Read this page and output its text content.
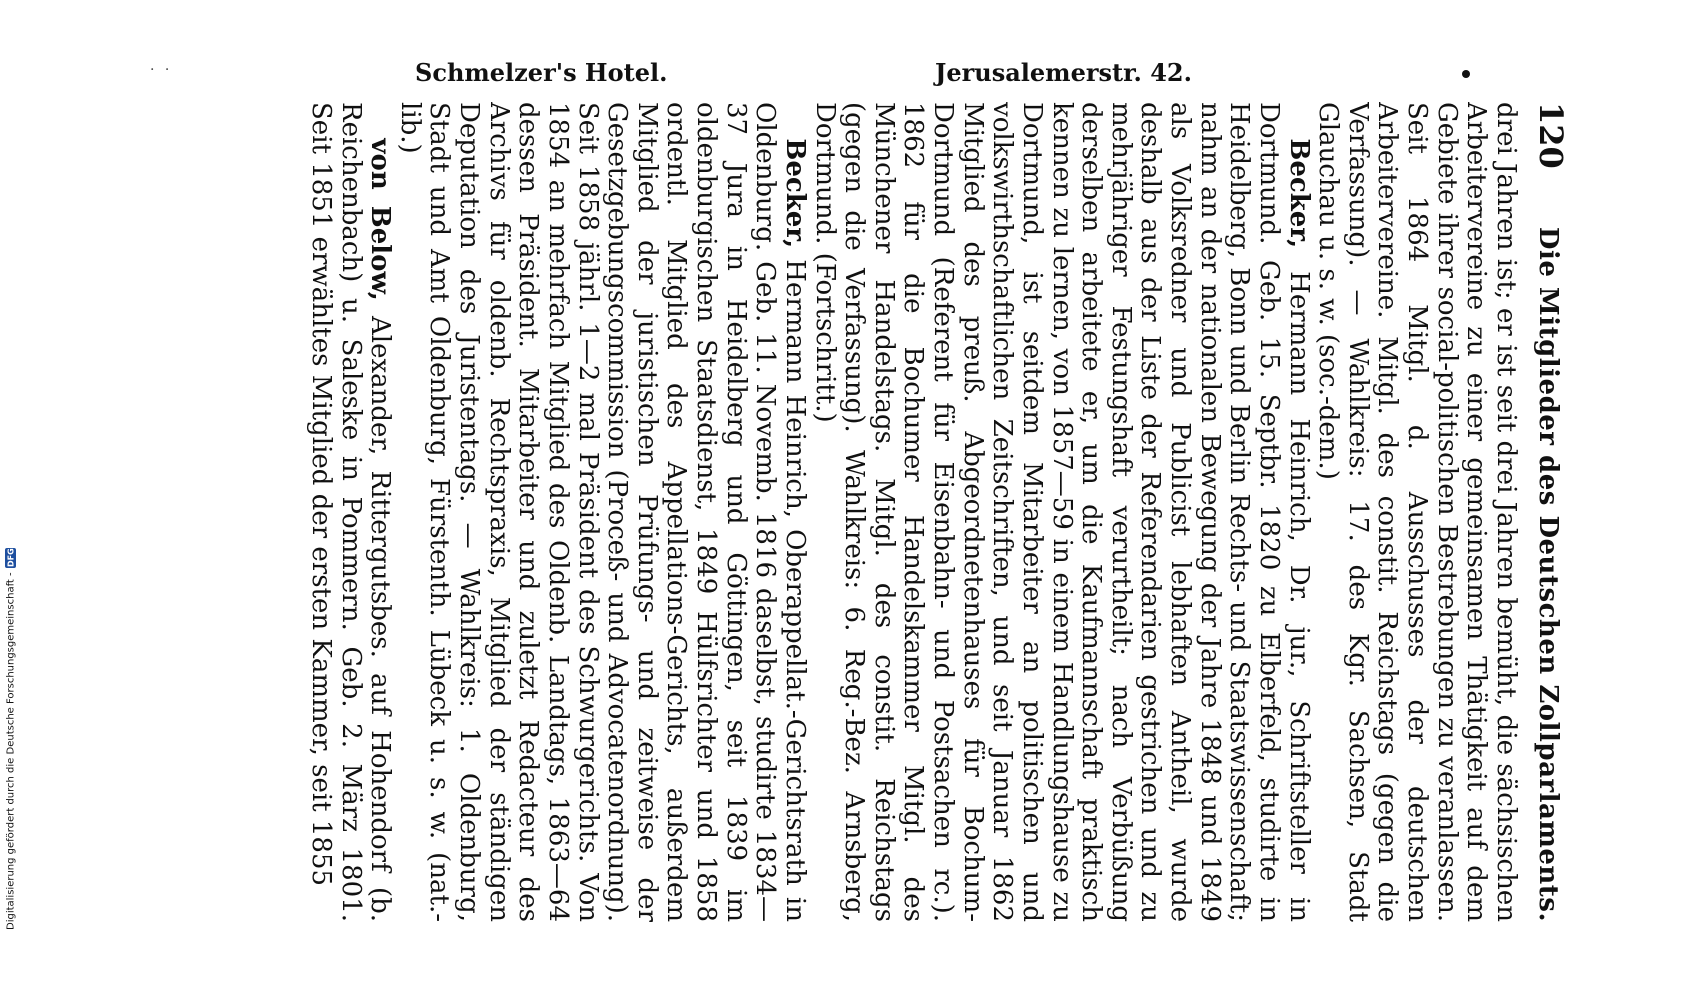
· ·	Schmelzer's Hotel.	Jerusalemerstr. 42.
120
Die Mitglieder des Deutschen Zollparlaments.

drei Jahren ist; er ist seit drei Jahren bemüht, die sächsischen Arbeitervereine zu einer gemeinsamen Thätigkeit auf dem Gebiete ihrer social-politischen Bestrebungen zu veranlassen. Seit 1864 Mitgl. d. Ausschusses der deutschen Arbeitervereine. Mitgl. des constit. Reichstags (gegen die Verfassung). — Wahlkreis: 17. des Kgr. Sachsen, Stadt Glauchau u. s. w. (soc.-dem.)

Becker, Hermann Heinrich, Dr. jur., Schriftsteller in Dortmund. Geb. 15. Septbr. 1820 zu Elberfeld, studirte in Heidelberg, Bonn und Berlin Rechts- und Staatswissenschaft; nahm an der nationalen Bewegung der Jahre 1848 und 1849 als Volksredner und Publicist lebhaften Antheil, wurde deshalb aus der Liste der Referendarien gestrichen und zu mehrjähriger Festungshaft verurtheilt; nach Verbüßung derselben arbeitete er, um die Kaufmannschaft praktisch kennen zu lernen, von 1857—59 in einem Handlungshause zu Dortmund, ist seitdem Mitarbeiter an politischen und volkswirthschaftlichen Zeitschriften, und seit Januar 1862 Mitglied des preuß. Abgeordnetenhauses für Bochum-Dortmund (Referent für Eisenbahn- und Postsachen rc.). 1862 für die Bochumer Handelskammer Mitgl. des Münchener Handelstags. Mitgl. des constit. Reichstags (gegen die Verfassung). Wahlkreis: 6. Reg.-Bez. Arnsberg, Dortmund. (Fortschritt.)

Becker, Hermann Heinrich, Oberappellat.-Gerichtsrath in Oldenburg. Geb. 11. Novemb. 1816 daselbst, studirte 1834—37 Jura in Heidelberg und Göttingen, seit 1839 im oldenburgischen Staatsdienst, 1849 Hülfsrichter und 1858 ordentl. Mitglied des Appellations-Gerichts, außerdem Mitglied der juristischen Prüfungs- und zeitweise der Gesetzgebungscommission (Proceß- und Advocatenordnung). Seit 1858 jährl. 1—2 mal Präsident des Schwurgerichts. Von 1854 an mehrfach Mitglied des Oldenb. Landtags, 1863—64 dessen Präsident. Mitarbeiter und zuletzt Redacteur des Archivs für oldenb. Rechtspraxis, Mitglied der ständigen Deputation des Juristentags. — Wahlkreis: 1. Oldenburg, Stadt und Amt Oldenburg, Fürstenth. Lübeck u. s. w. (nat.-lib.)

von Below, Alexander, Rittergutsbes. auf Hohendorf (b. Reichenbach) u. Saleske in Pommern. Geb. 2. März 1801. Seit 1851 erwähltes Mitglied der ersten Kammer, seit 1855

Digitalisierung gefördert durch die Deutsche Forschungsgemeinschaft -
DFG
